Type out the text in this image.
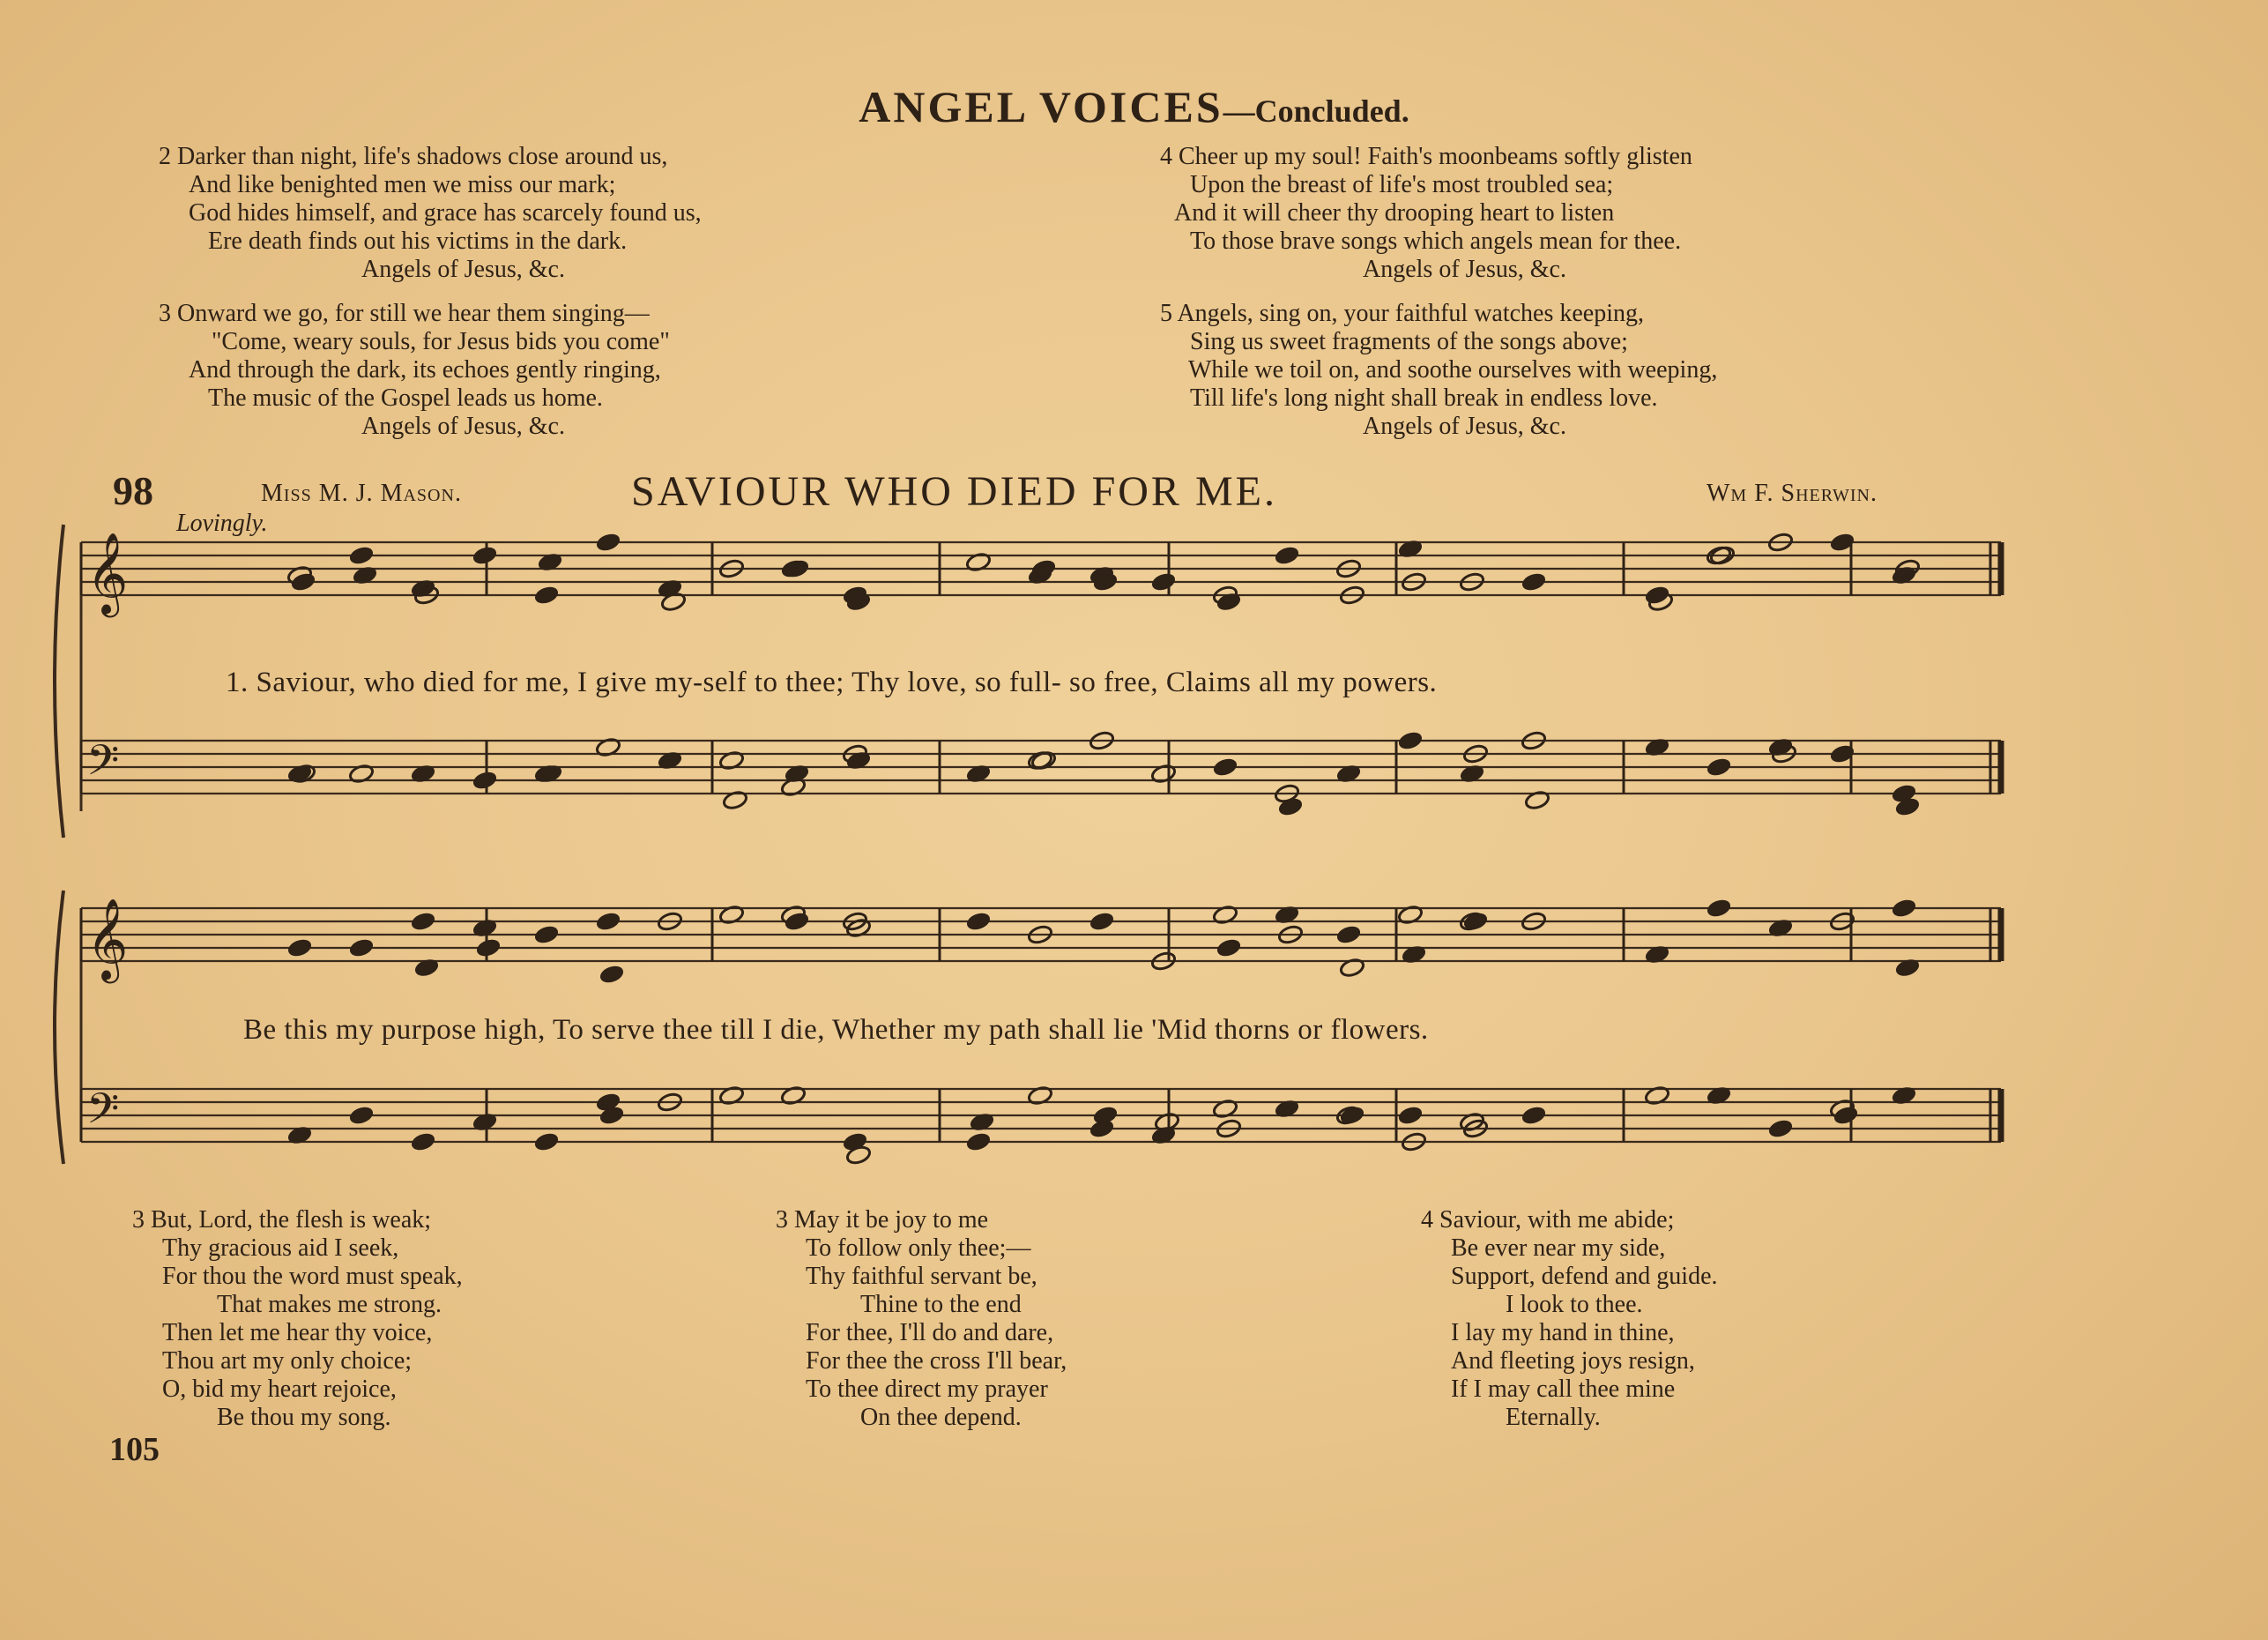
ANGEL VOICES—Concluded.
2 Darker than night, life's shadows close around us,
And like benighted men we miss our mark;
God hides himself, and grace has scarcely found us,
Ere death finds out his victims in the dark.
Angels of Jesus, &c.
3 Onward we go, for still we hear them singing—
"Come, weary souls, for Jesus bids you come"
And through the dark, its echoes gently ringing,
The music of the Gospel leads us home.
Angels of Jesus, &c.
4 Cheer up my soul! Faith's moonbeams softly glisten
Upon the breast of life's most troubled sea;
And it will cheer thy drooping heart to listen
To those brave songs which angels mean for thee.
Angels of Jesus, &c.
5 Angels, sing on, your faithful watches keeping,
Sing us sweet fragments of the songs above;
While we toil on, and soothe ourselves with weeping,
Till life's long night shall break in endless love.
Angels of Jesus, &c.
98	Miss M. J. Mason.	SAVIOUR WHO DIED FOR ME.	Wm F. Sherwin.
Lovingly.
𝄞
𝄢
𝄞
𝄢
1. Saviour, who died for me, I give my-self to thee; Thy love, so full- so free, Claims all my powers.
Be this my purpose high, To serve thee till I die, Whether my path shall lie 'Mid thorns or flowers.
3 But, Lord, the flesh is weak;
Thy gracious aid I seek,
For thou the word must speak,
That makes me strong.
Then let me hear thy voice,
Thou art my only choice;
O, bid my heart rejoice,
Be thou my song.
3 May it be joy to me
To follow only thee;—
Thy faithful servant be,
Thine to the end
For thee, I'll do and dare,
For thee the cross I'll bear,
To thee direct my prayer
On thee depend.
4 Saviour, with me abide;
Be ever near my side,
Support, defend and guide.
I look to thee.
I lay my hand in thine,
And fleeting joys resign,
If I may call thee mine
Eternally.
105
